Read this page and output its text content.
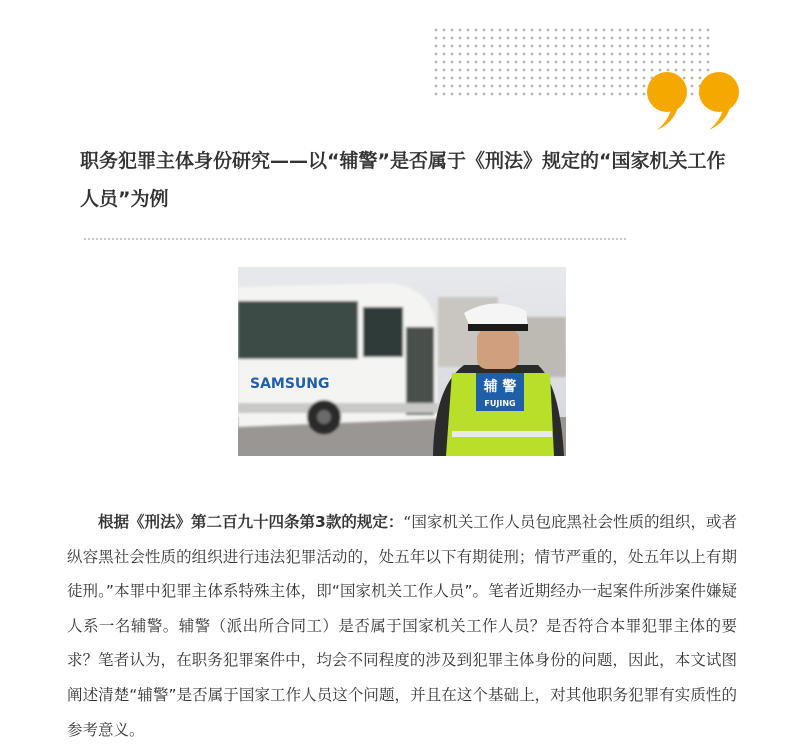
职务犯罪主体身份研究——以“辅警”是否属于《刑法》规定的“国家机关工作人员”为例
SAMSUNG	辅 警
FUJING

根据《刑法》第二百九十四条第3款的规定：“国家机关工作人员包庇黑社会性质的组织，或者纵容黑社会性质的组织进行违法犯罪活动的，处五年以下有期徒刑；情节严重的，处五年以上有期徒刑。”本罪中犯罪主体系特殊主体，即“国家机关工作人员”。笔者近期经办一起案件所涉案件嫌疑人系一名辅警。辅警（派出所合同工）是否属于国家机关工作人员？是否符合本罪犯罪主体的要求？笔者认为，在职务犯罪案件中，均会不同程度的涉及到犯罪主体身份的问题，因此，本文试图阐述清楚“辅警”是否属于国家工作人员这个问题，并且在这个基础上，对其他职务犯罪有实质性的参考意义。
